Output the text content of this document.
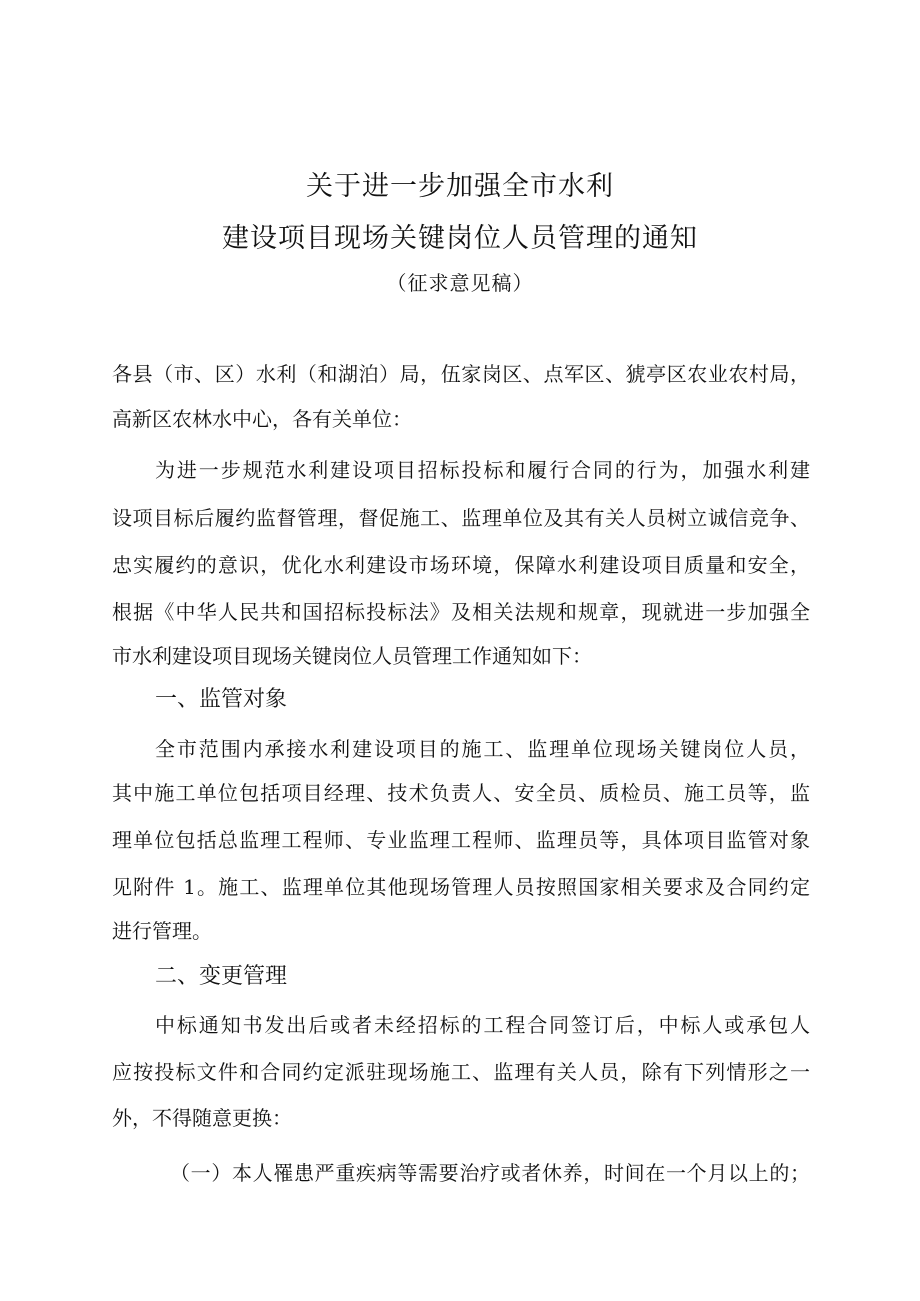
关于进一步加强全市水利
建设项目现场关键岗位人员管理的通知
（征求意见稿）
各县（市、区）水利（和湖泊）局，伍家岗区、点军区、猇亭区农业农村局，
高新区农林水中心，各有关单位：
为进一步规范水利建设项目招标投标和履行合同的行为，加强水利建
设项目标后履约监督管理，督促施工、监理单位及其有关人员树立诚信竞争、
忠实履约的意识，优化水利建设市场环境，保障水利建设项目质量和安全，
根据《中华人民共和国招标投标法》及相关法规和规章，现就进一步加强全
市水利建设项目现场关键岗位人员管理工作通知如下：
一、监管对象
全市范围内承接水利建设项目的施工、监理单位现场关键岗位人员，
其中施工单位包括项目经理、技术负责人、安全员、质检员、施工员等，监
理单位包括总监理工程师、专业监理工程师、监理员等，具体项目监管对象
见附件 1。施工、监理单位其他现场管理人员按照国家相关要求及合同约定
进行管理。
二、变更管理
中标通知书发出后或者未经招标的工程合同签订后，中标人或承包人
应按投标文件和合同约定派驻现场施工、监理有关人员，除有下列情形之一
外，不得随意更换：
（一）本人罹患严重疾病等需要治疗或者休养，时间在一个月以上的；
